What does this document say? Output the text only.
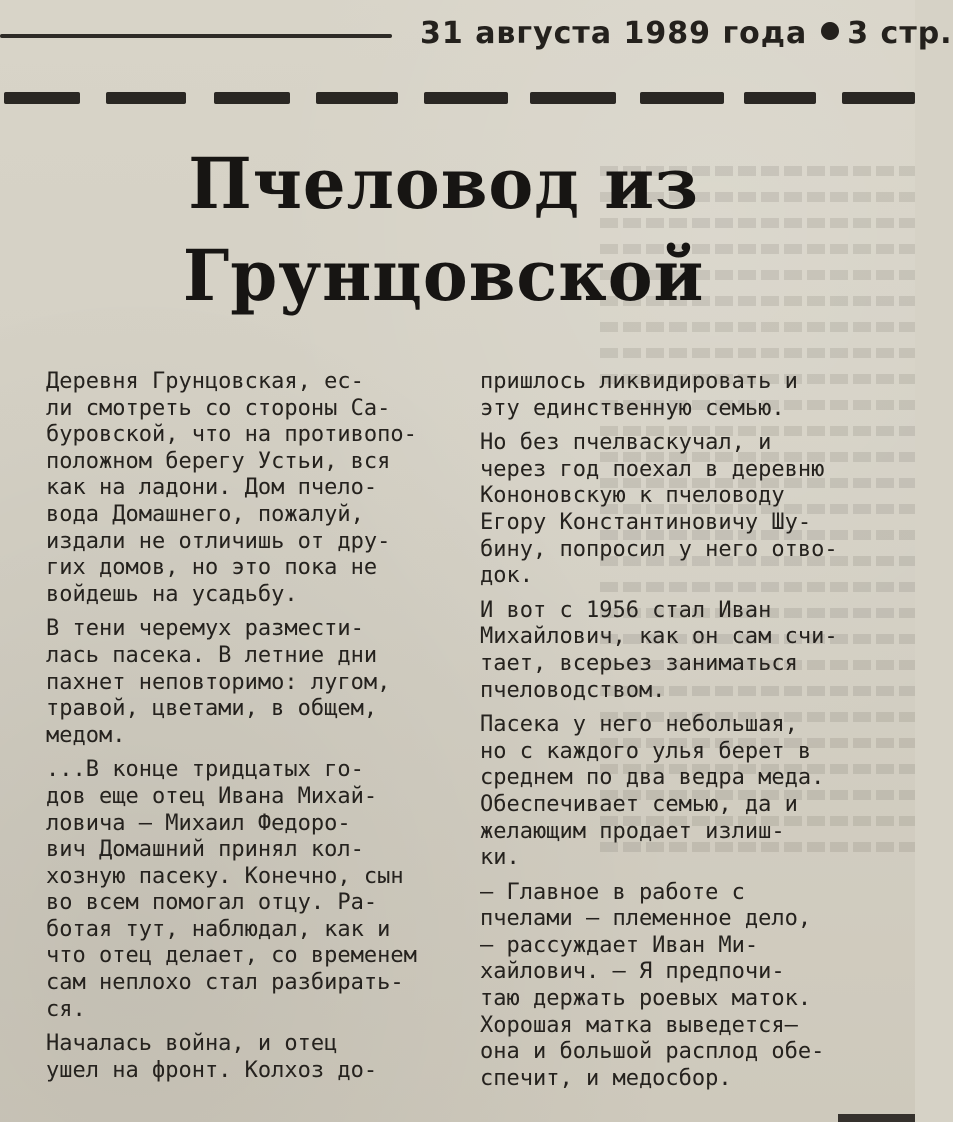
31 августа 1989 года 3 стр.
Пчеловод из
Грунцовской

Деревня Грунцовская, ес-
ли смотреть со стороны Са-
буровской, что на противопо-
положном берегу Устьи, вся
как на ладони. Дом пчело-
вода Домашнего, пожалуй,
издали не отличишь от дру-
гих домов, но это пока не
войдешь на усадьбу.

В тени черемух размести-
лась пасека. В летние дни
пахнет неповторимо: лугом,
травой, цветами, в общем,
медом.

...В конце тридцатых го-
дов еще отец Ивана Михай-
ловича — Михаил Федоро-
вич Домашний принял кол-
хозную пасеку. Конечно, сын
во всем помогал отцу. Ра-
ботая тут, наблюдал, как и
что отец делает, со временем
сам неплохо стал разбирать-
ся.

Началась война, и отец
ушел на фронт. Колхоз до-

пришлось ликвидировать и
эту единственную семью.

Но без пчелваскучал, и
через год поехал в деревню
Кононовскую к пчеловоду
Егору Константиновичу Шу-
бину, попросил у него отво-
док.

И вот с 1956 стал Иван
Михайлович, как он сам счи-
тает, всерьез заниматься
пчеловодством.

Пасека у него небольшая,
но с каждого улья берет в
среднем по два ведра меда.
Обеспечивает семью, да и
желающим продает излиш-
ки.

— Главное в работе с
пчелами — племенное дело,
— рассуждает Иван Ми-
хайлович. — Я предпочи-
таю держать роевых маток.
Хорошая матка выведется—
она и большой расплод обе-
спечит, и медосбор.
